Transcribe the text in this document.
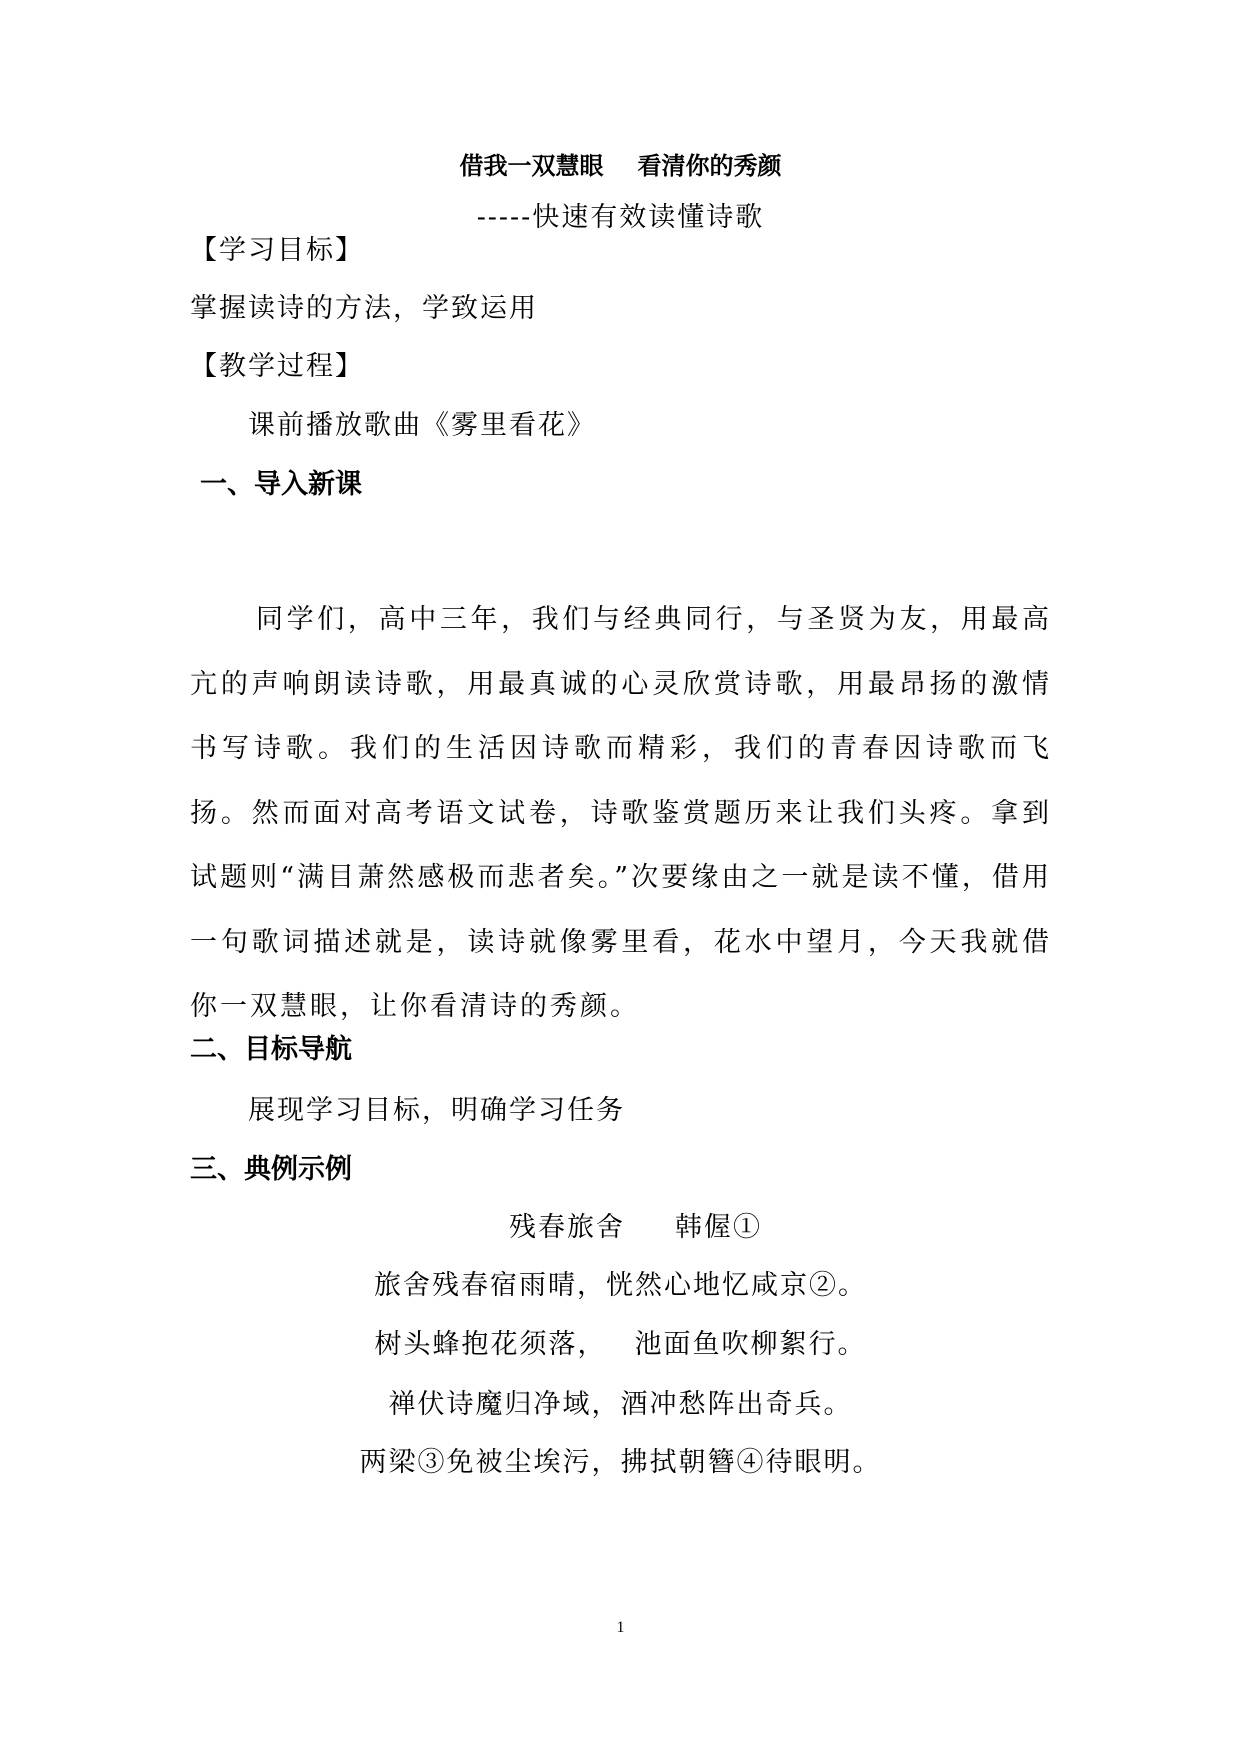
借我一双慧眼 看清你的秀颜
-----快速有效读懂诗歌
【学习目标】
掌握读诗的方法，学致运用
【教学过程】
课前播放歌曲《雾里看花》
一、导入新课
同学们，高中三年，我们与经典同行，与圣贤为友，用最高亢的声响朗读诗歌，用最真诚的心灵欣赏诗歌，用最昂扬的激情书写诗歌。我们的生活因诗歌而精彩，我们的青春因诗歌而飞扬。然而面对高考语文试卷，诗歌鉴赏题历来让我们头疼。拿到试题则“满目萧然感极而悲者矣。”次要缘由之一就是读不懂，借用一句歌词描述就是，读诗就像雾里看，花水中望月，今天我就借你一双慧眼，让你看清诗的秀颜。
二、目标导航
展现学习目标，明确学习任务
三、典例示例
残春旅舍 韩偓①
旅舍残春宿雨晴，恍然心地忆咸京②。
树头蜂抱花须落， 池面鱼吹柳絮行。
禅伏诗魔归净域，酒冲愁阵出奇兵。
两梁③免被尘埃污，拂拭朝簪④待眼明。
1
